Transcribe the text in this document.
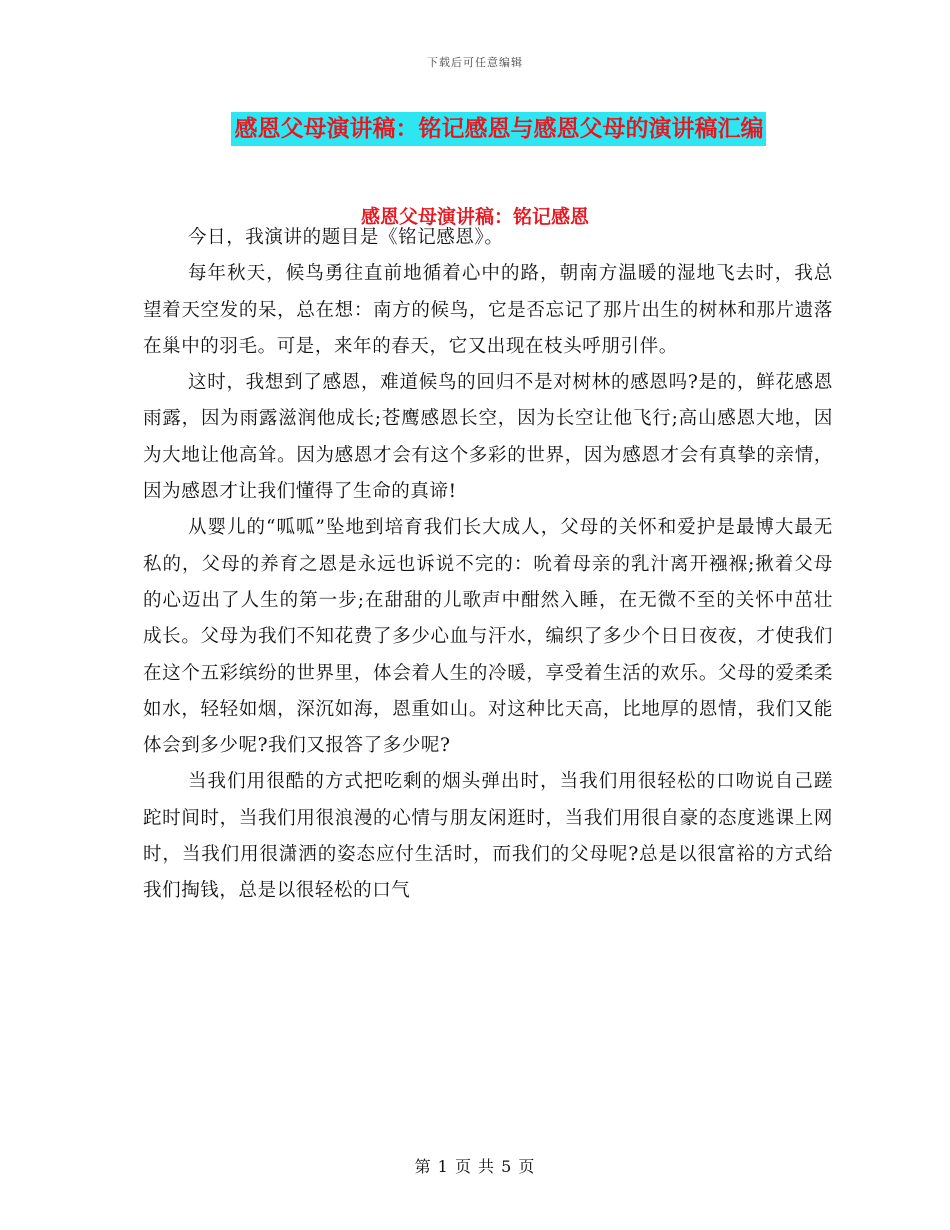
下载后可任意编辑
感恩父母演讲稿：铭记感恩与感恩父母的演讲稿汇编
感恩父母演讲稿：铭记感恩

今日，我演讲的题目是《铭记感恩》。

每年秋天，候鸟勇往直前地循着心中的路，朝南方温暖的湿地飞去时，我总望着天空发的呆，总在想：南方的候鸟，它是否忘记了那片出生的树林和那片遗落在巢中的羽毛。可是，来年的春天，它又出现在枝头呼朋引伴。

这时，我想到了感恩，难道候鸟的回归不是对树林的感恩吗?是的，鲜花感恩雨露，因为雨露滋润他成长;苍鹰感恩长空，因为长空让他飞行;高山感恩大地，因为大地让他高耸。因为感恩才会有这个多彩的世界，因为感恩才会有真挚的亲情，因为感恩才让我们懂得了生命的真谛!

从婴儿的“呱呱”坠地到培育我们长大成人，父母的关怀和爱护是最博大最无私的，父母的养育之恩是永远也诉说不完的：吮着母亲的乳汁离开襁褓;揪着父母的心迈出了人生的第一步;在甜甜的儿歌声中酣然入睡，在无微不至的关怀中茁壮成长。父母为我们不知花费了多少心血与汗水，编织了多少个日日夜夜，才使我们在这个五彩缤纷的世界里，体会着人生的冷暖，享受着生活的欢乐。父母的爱柔柔如水，轻轻如烟，深沉如海，恩重如山。对这种比天高，比地厚的恩情，我们又能体会到多少呢?我们又报答了多少呢?

当我们用很酷的方式把吃剩的烟头弹出时，当我们用很轻松的口吻说自己蹉跎时间时，当我们用很浪漫的心情与朋友闲逛时，当我们用很自豪的态度逃课上网时，当我们用很潇洒的姿态应付生活时，而我们的父母呢?总是以很富裕的方式给我们掏钱，总是以很轻松的口气

第 1 页 共 5 页
